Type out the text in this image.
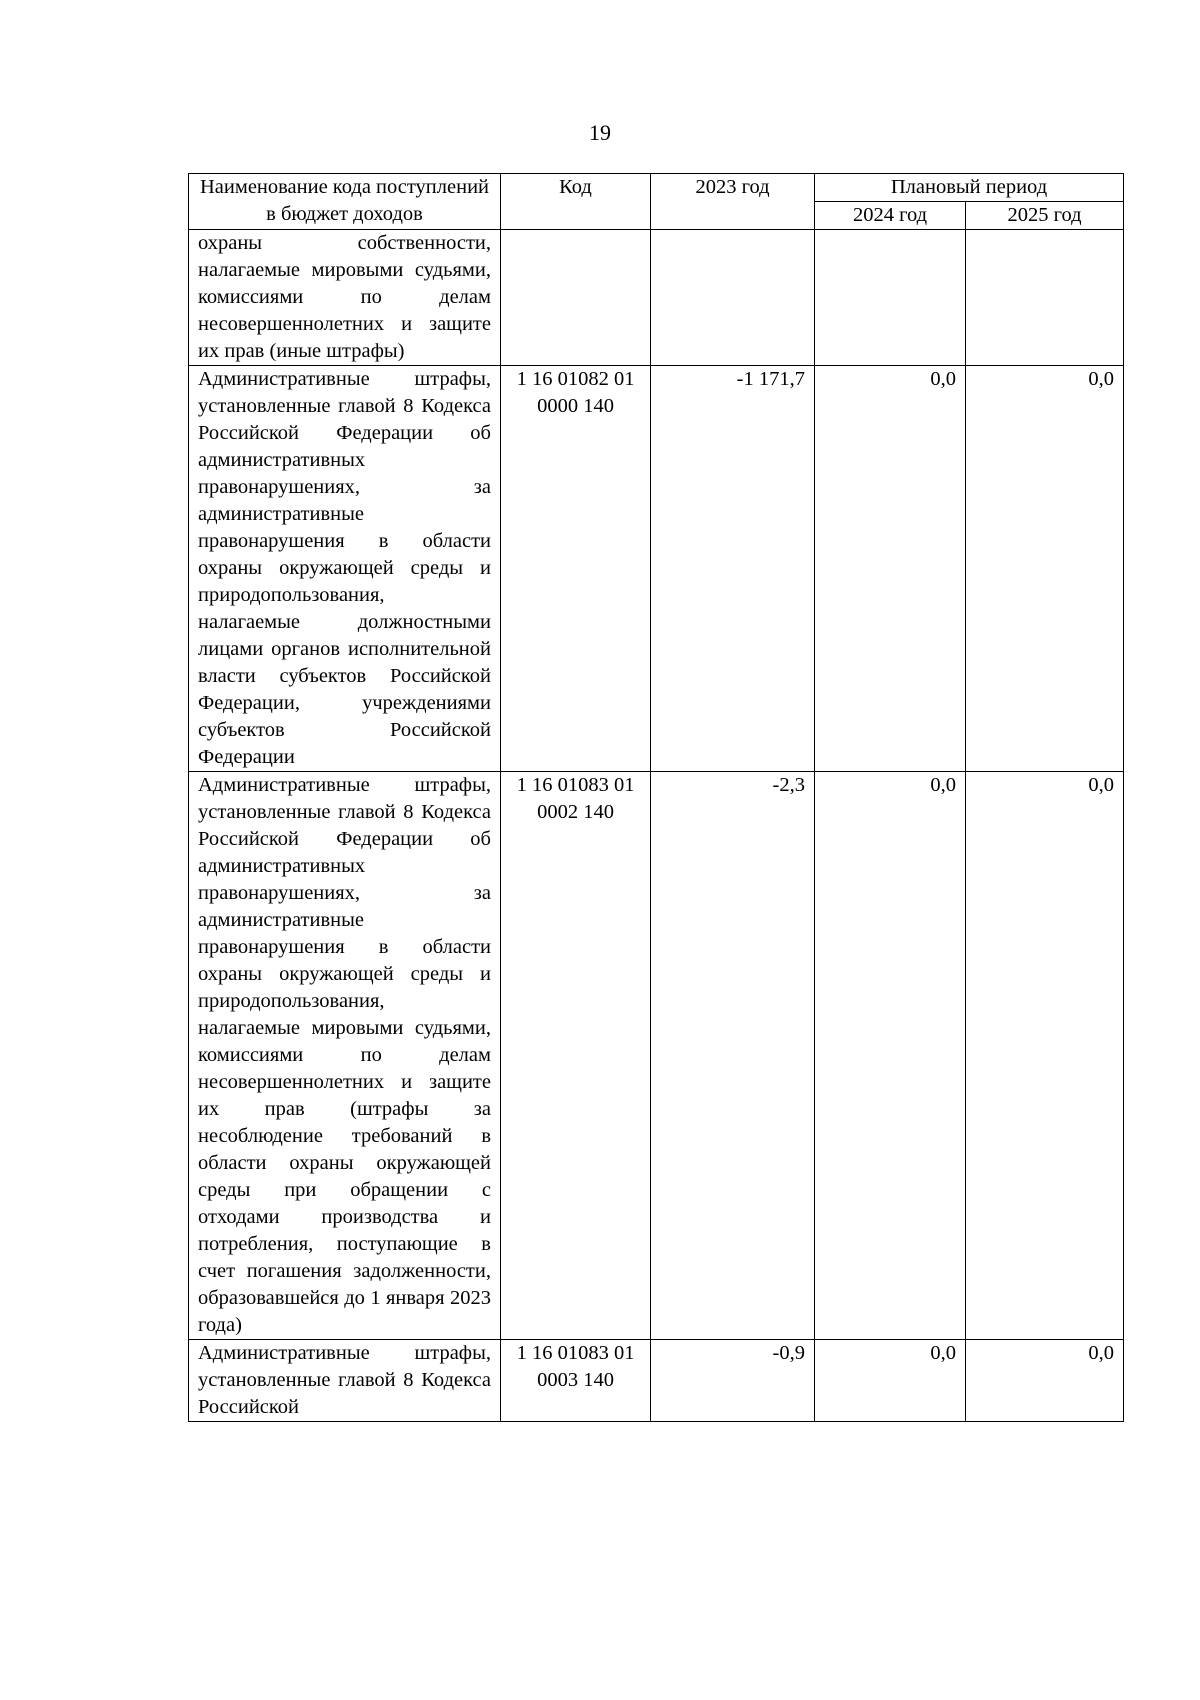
19
Наименование кода поступлений в бюджет доходов	Код	2023 год	Плановый период	
			2024 год	2025 год
охраны собственности, налагаемые мировыми судьями, комиссиями по делам несовершеннолетних и защите их прав (иные штрафы)				
Административные штрафы, установленные главой 8 Кодекса Российской Федерации об административных правонарушениях, за административные правонарушения в области охраны окружающей среды и природопользования, налагаемые должностными лицами органов исполнительной власти субъектов Российской Федерации, учреждениями субъектов Российской Федерации	1 16 01082 01 0000 140	-1 171,7	0,0	0,0
Административные штрафы, установленные главой 8 Кодекса Российской Федерации об административных правонарушениях, за административные правонарушения в области охраны окружающей среды и природопользования, налагаемые мировыми судьями, комиссиями по делам несовершеннолетних и защите их прав (штрафы за несоблюдение требований в области охраны окружающей среды при обращении с отходами производства и потребления, поступающие в счет погашения задолженности, образовавшейся до 1 января 2023 года)	1 16 01083 01 0002 140	-2,3	0,0	0,0
Административные штрафы, установленные главой 8 Кодекса Российской	1 16 01083 01 0003 140	-0,9	0,0	0,0
